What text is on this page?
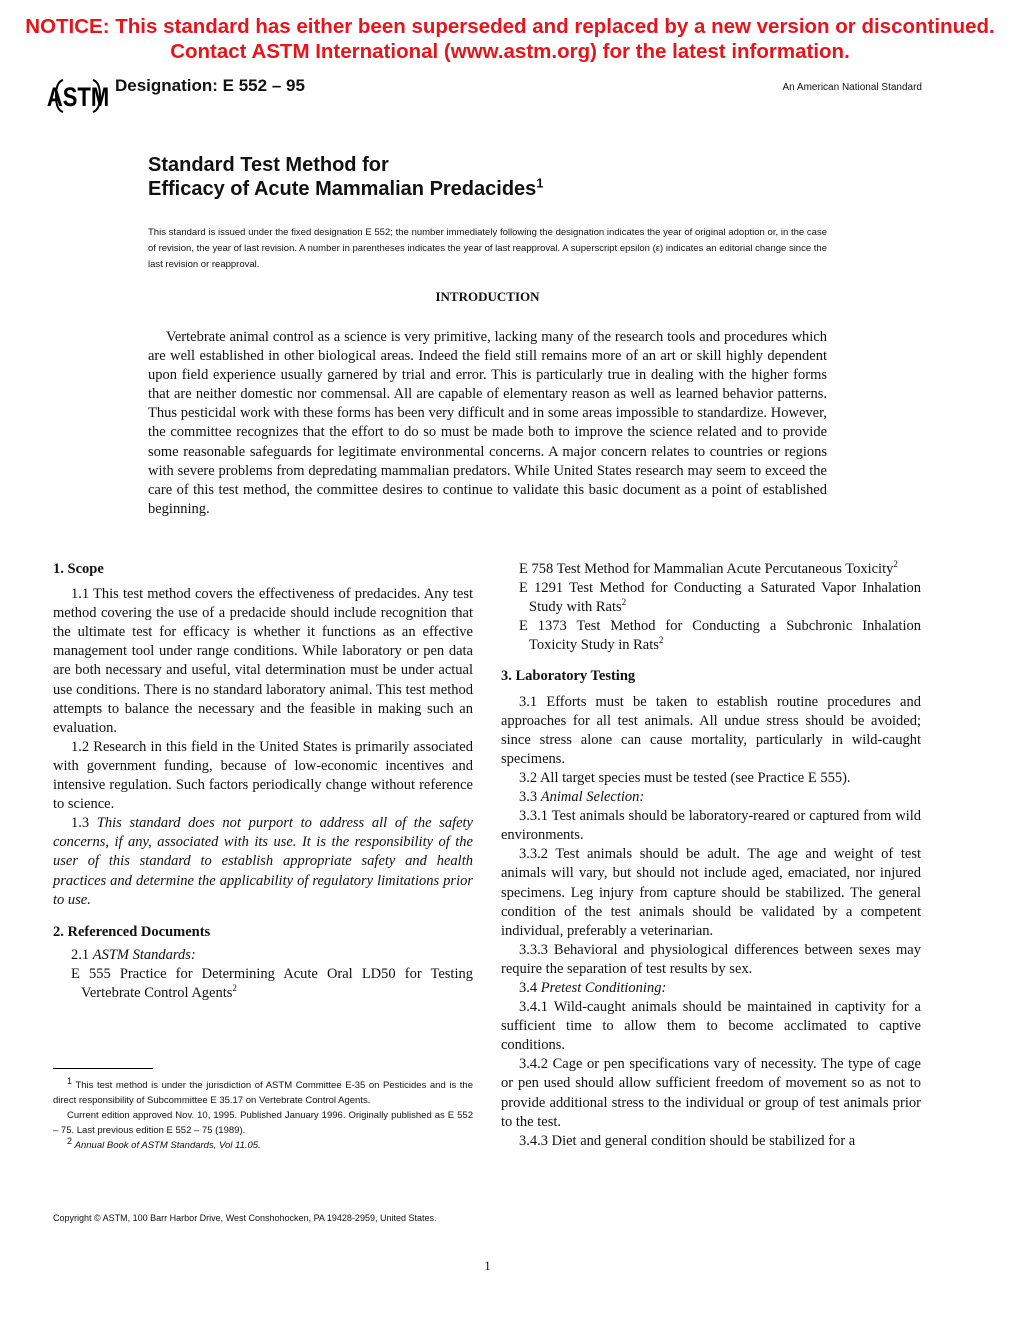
NOTICE: This standard has either been superseded and replaced by a new version or discontinued.
Contact ASTM International (www.astm.org) for the latest information.
ASTM Designation: E 552 – 95	An American National Standard
Standard Test Method for
Efficacy of Acute Mammalian Predacides$^1$
This standard is issued under the fixed designation E 552; the number immediately following the designation indicates the year of original adoption or, in the case of revision, the year of last revision. A number in parentheses indicates the year of last reapproval. A superscript epsilon (ε) indicates an editorial change since the last revision or reapproval.
INTRODUCTION

Vertebrate animal control as a science is very primitive, lacking many of the research tools and procedures which are well established in other biological areas. Indeed the field still remains more of an art or skill highly dependent upon field experience usually garnered by trial and error. This is particularly true in dealing with the higher forms that are neither domestic nor commensal. All are capable of elementary reason as well as learned behavior patterns. Thus pesticidal work with these forms has been very difficult and in some areas impossible to standardize. However, the committee recognizes that the effort to do so must be made both to improve the science related and to provide some reasonable safeguards for legitimate environmental concerns. A major concern relates to countries or regions with severe problems from depredating mammalian predators. While United States research may seem to exceed the care of this test method, the committee desires to continue to validate this basic document as a point of established beginning.

1. Scope

1.1 This test method covers the effectiveness of predacides. Any test method covering the use of a predacide should include recognition that the ultimate test for efficacy is whether it functions as an effective management tool under range conditions. While laboratory or pen data are both necessary and useful, vital determination must be under actual use conditions. There is no standard laboratory animal. This test method attempts to balance the necessary and the feasible in making such an evaluation.

1.2 Research in this field in the United States is primarily associated with government funding, because of low-economic incentives and intensive regulation. Such factors periodically change without reference to science.

1.3 This standard does not purport to address all of the safety concerns, if any, associated with its use. It is the responsibility of the user of this standard to establish appropriate safety and health practices and determine the applicability of regulatory limitations prior to use.

2. Referenced Documents

2.1 ASTM Standards:

E 555 Practice for Determining Acute Oral LD50 for Testing Vertebrate Control Agents$^2$

E 758 Test Method for Mammalian Acute Percutaneous Toxicity$^2$

E 1291 Test Method for Conducting a Saturated Vapor Inhalation Study with Rats$^2$

E 1373 Test Method for Conducting a Subchronic Inhalation Toxicity Study in Rats$^2$

3. Laboratory Testing

3.1 Efforts must be taken to establish routine procedures and approaches for all test animals. All undue stress should be avoided; since stress alone can cause mortality, particularly in wild-caught specimens.

3.2 All target species must be tested (see Practice E 555).

3.3 Animal Selection:

3.3.1 Test animals should be laboratory-reared or captured from wild environments.

3.3.2 Test animals should be adult. The age and weight of test animals will vary, but should not include aged, emaciated, nor injured specimens. Leg injury from capture should be stabilized. The general condition of the test animals should be validated by a competent individual, preferably a veterinarian.

3.3.3 Behavioral and physiological differences between sexes may require the separation of test results by sex.

3.4 Pretest Conditioning:

3.4.1 Wild-caught animals should be maintained in captivity for a sufficient time to allow them to become acclimated to captive conditions.

3.4.2 Cage or pen specifications vary of necessity. The type of cage or pen used should allow sufficient freedom of movement so as not to provide additional stress to the individual or group of test animals prior to the test.

3.4.3 Diet and general condition should be stabilized for a

$^1$ This test method is under the jurisdiction of ASTM Committee E-35 on Pesticides and is the direct responsibility of Subcommittee E 35.17 on Vertebrate Control Agents.

Current edition approved Nov. 10, 1995. Published January 1996. Originally published as E 552 – 75. Last previous edition E 552 – 75 (1989).

$^2$ Annual Book of ASTM Standards, Vol 11.05.

Copyright © ASTM, 100 Barr Harbor Drive, West Conshohocken, PA 19428-2959, United States.
1
